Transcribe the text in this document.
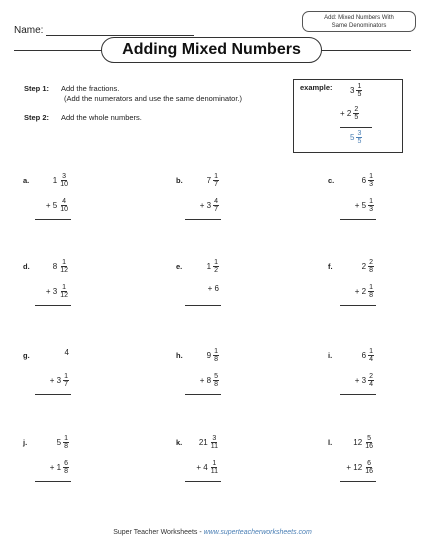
Name:
Add: Mixed Numbers With
Same Denominators
Adding Mixed Numbers
Step 1: Add the fractions.
(Add the numerators and use the same denominator.)
Step 2: Add the whole numbers.
example: $3 \frac{1}{5}$
+ $2 \frac{2}{5}$
$5 \frac{3}{5}$
a.	$1 \frac{3}{10}$
+ $5 \frac{4}{10}$
b.	$7 \frac{1}{7}$
+ $3 \frac{4}{7}$
c.	$6 \frac{1}{3}$
+ $5 \frac{1}{3}$
d.	$8 \frac{1}{12}$
+ $3 \frac{1}{12}$
e.	$1 \frac{1}{2}$
+ 6
f.	$2 \frac{2}{8}$
+ $2 \frac{1}{8}$
g.	4
+ $3 \frac{1}{7}$
h.	$9 \frac{1}{8}$
+ $8 \frac{5}{8}$
i.	$6 \frac{1}{4}$
+ $3 \frac{2}{4}$
j.	$5 \frac{1}{8}$
+ $1 \frac{6}{8}$
k. $21 \frac{3}{11}$
+ $4 \frac{1}{11}$
l.	$12 \frac{5}{16}$
+ $12 \frac{6}{16}$
Super Teacher Worksheets - www.superteacherworksheets.com
